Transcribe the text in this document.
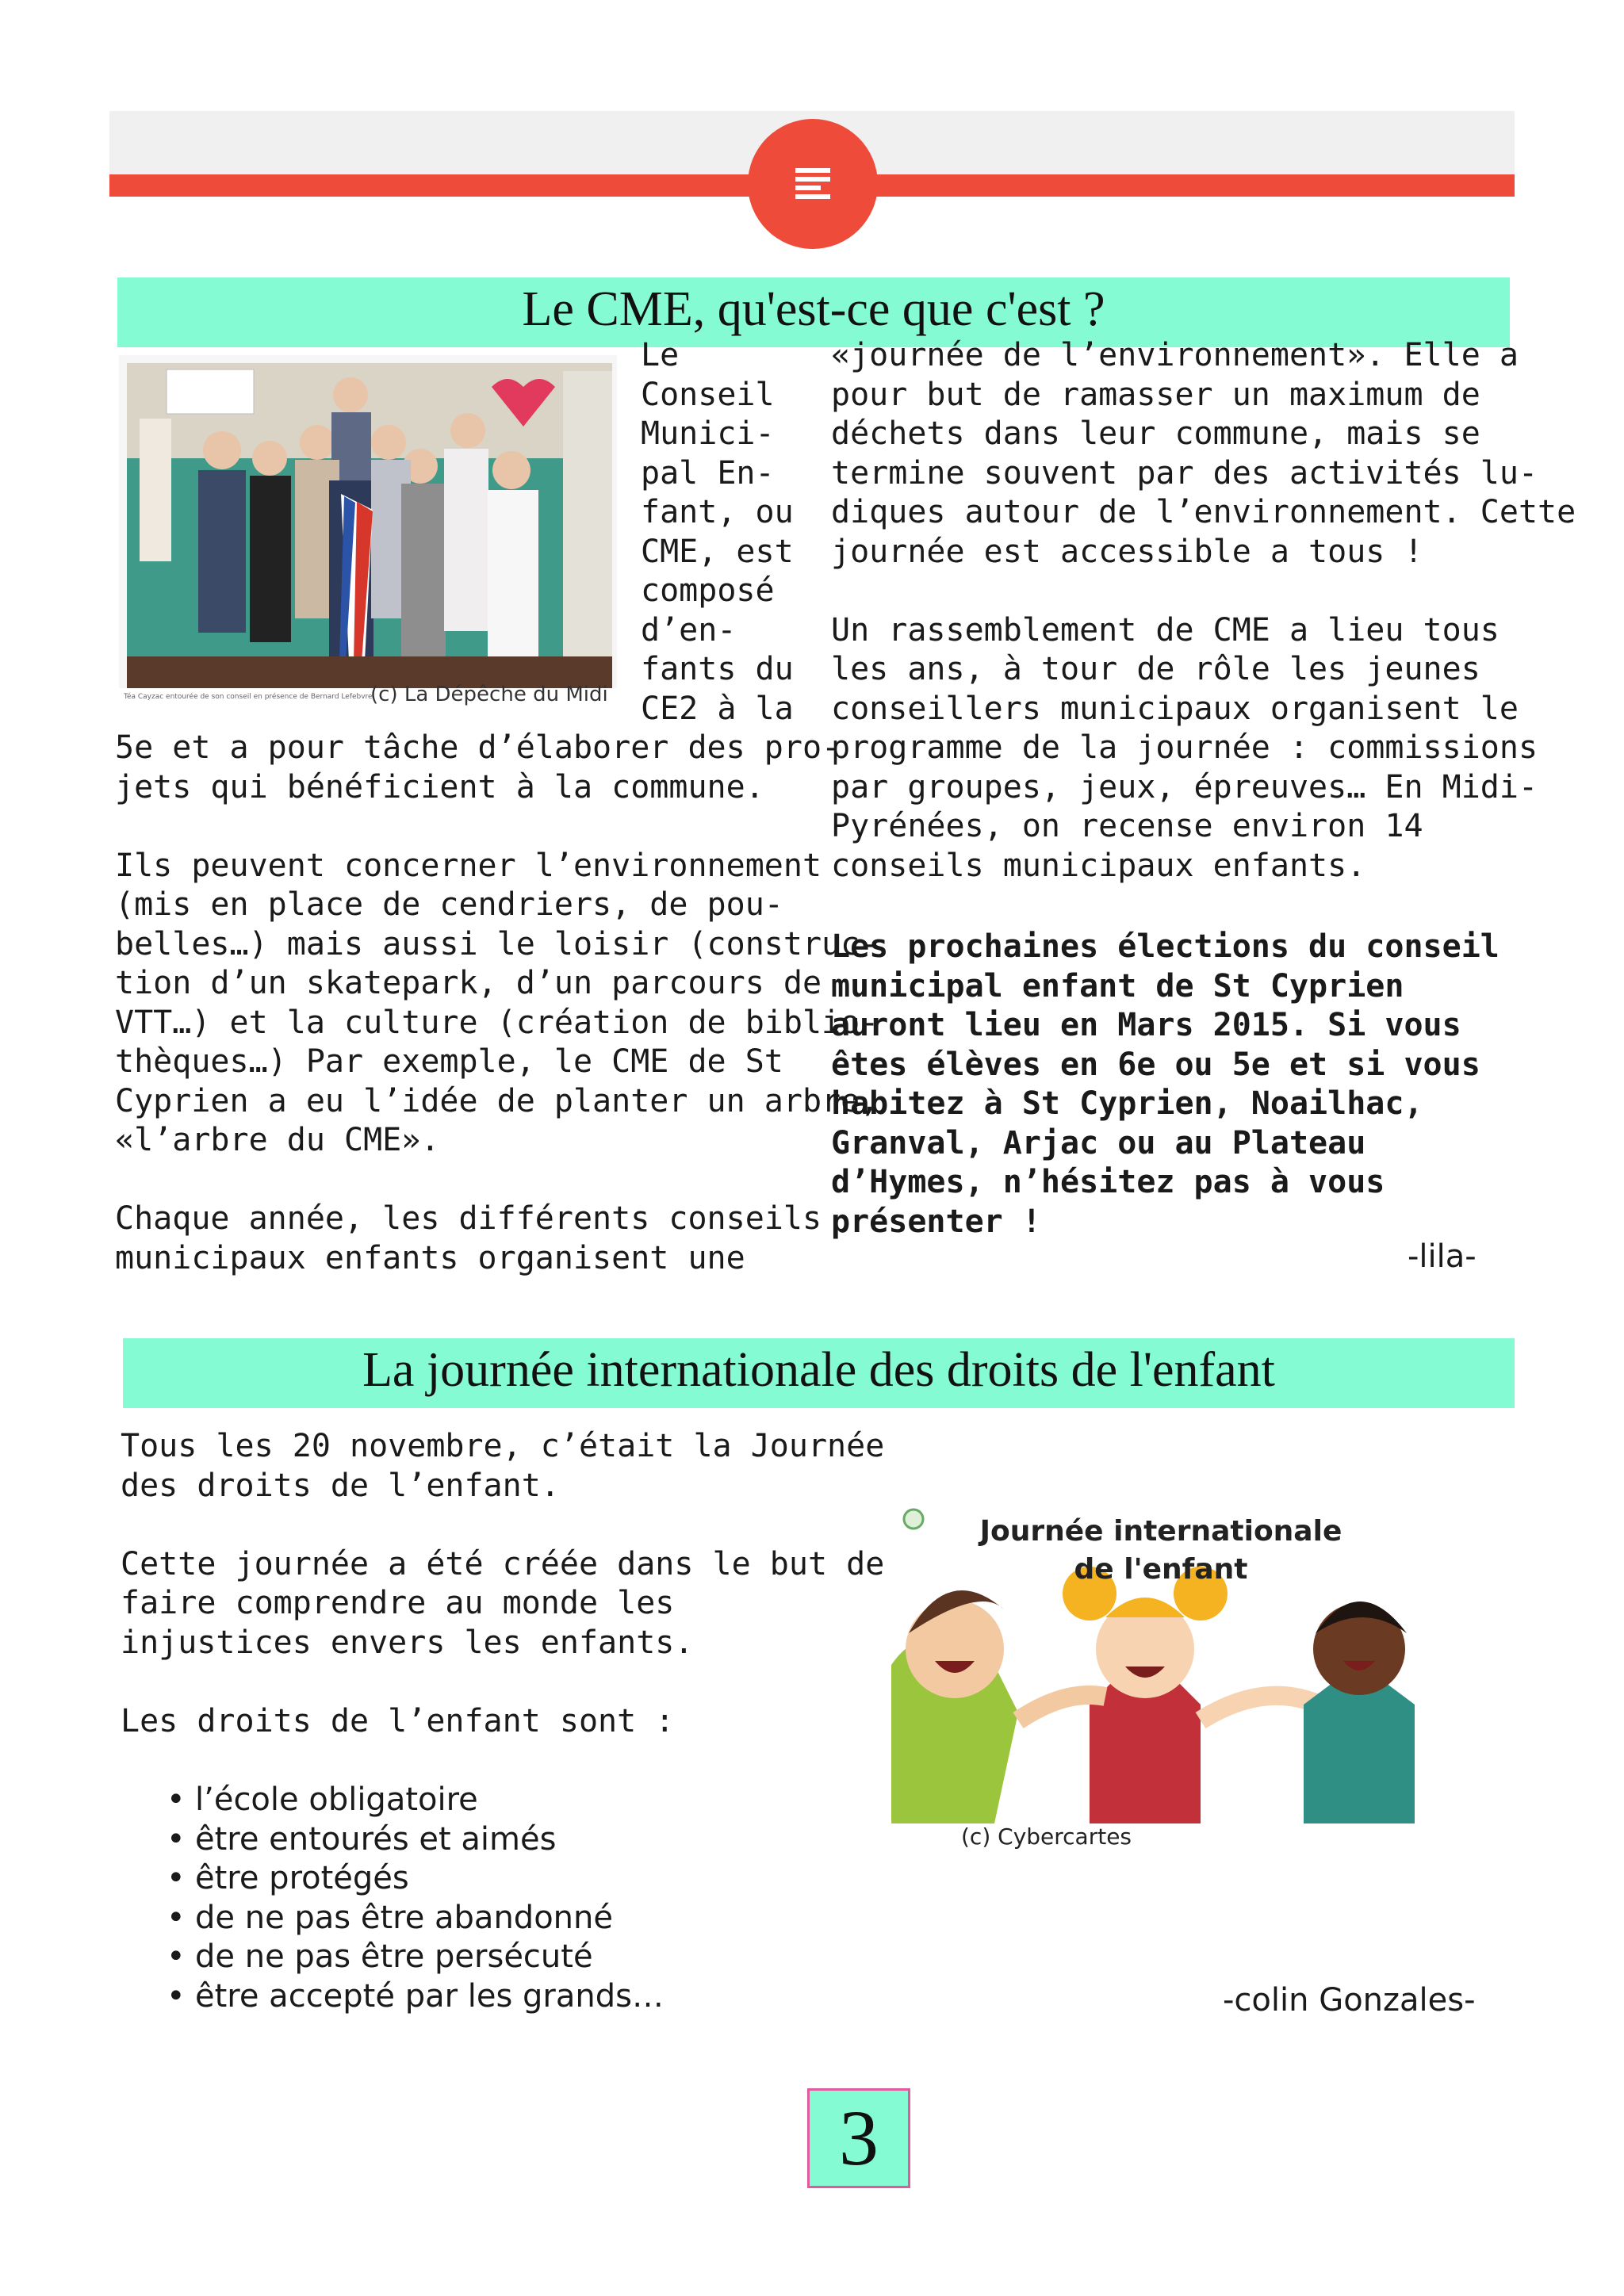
Le CME, qu'est-ce que c'est ?
Téa Cayzac entourée de son conseil en présence de Bernard Lefebvre
(c) La Dépêche du Midi
Le
Conseil
Munici-
pal En-
fant, ou
CME, est
composé
d’en-
fants du
CE2 à la
5e et a pour tâche d’élaborer des pro-
jets qui bénéficient à la commune.

Ils peuvent concerner l’environnement
(mis en place de cendriers, de pou-
belles…) mais aussi le loisir (construc-
tion d’un skatepark, d’un parcours de
VTT…) et la culture (création de biblio-
thèques…) Par exemple, le CME de St
Cyprien a eu l’idée de planter un arbre,
«l’arbre du CME».

Chaque année, les différents conseils
municipaux enfants organisent une
«journée de l’environnement». Elle a
pour but de ramasser un maximum de
déchets dans leur commune, mais se
termine souvent par des activités lu-
diques autour de l’environnement. Cette
journée est accessible a tous !

Un rassemblement de CME a lieu tous
les ans, à tour de rôle les jeunes
conseillers municipaux organisent le
programme de la journée : commissions
par groupes, jeux, épreuves… En Midi-
Pyrénées, on recense environ 14
conseils municipaux enfants.
Les prochaines élections du conseil
municipal enfant de St Cyprien
auront lieu en Mars 2015. Si vous
êtes élèves en 6e ou 5e et si vous
habitez à St Cyprien, Noailhac,
Granval, Arjac ou au Plateau
d’Hymes, n’hésitez pas à vous
présenter !
-lila-
La journée internationale des droits de l'enfant
Tous les 20 novembre, c’était la Journée
des droits de l’enfant.

Cette journée a été créée dans le but de
faire comprendre au monde les
injustices envers les enfants.

Les droits de l’enfant sont :
• l’école obligatoire
• être entourés et aimés
• être protégés
• de ne pas être abandonné
• de ne pas être persécuté
• être accepté par les grands…
Journée internationale
de l'enfant
(c) Cybercartes
-colin Gonzales-
3
